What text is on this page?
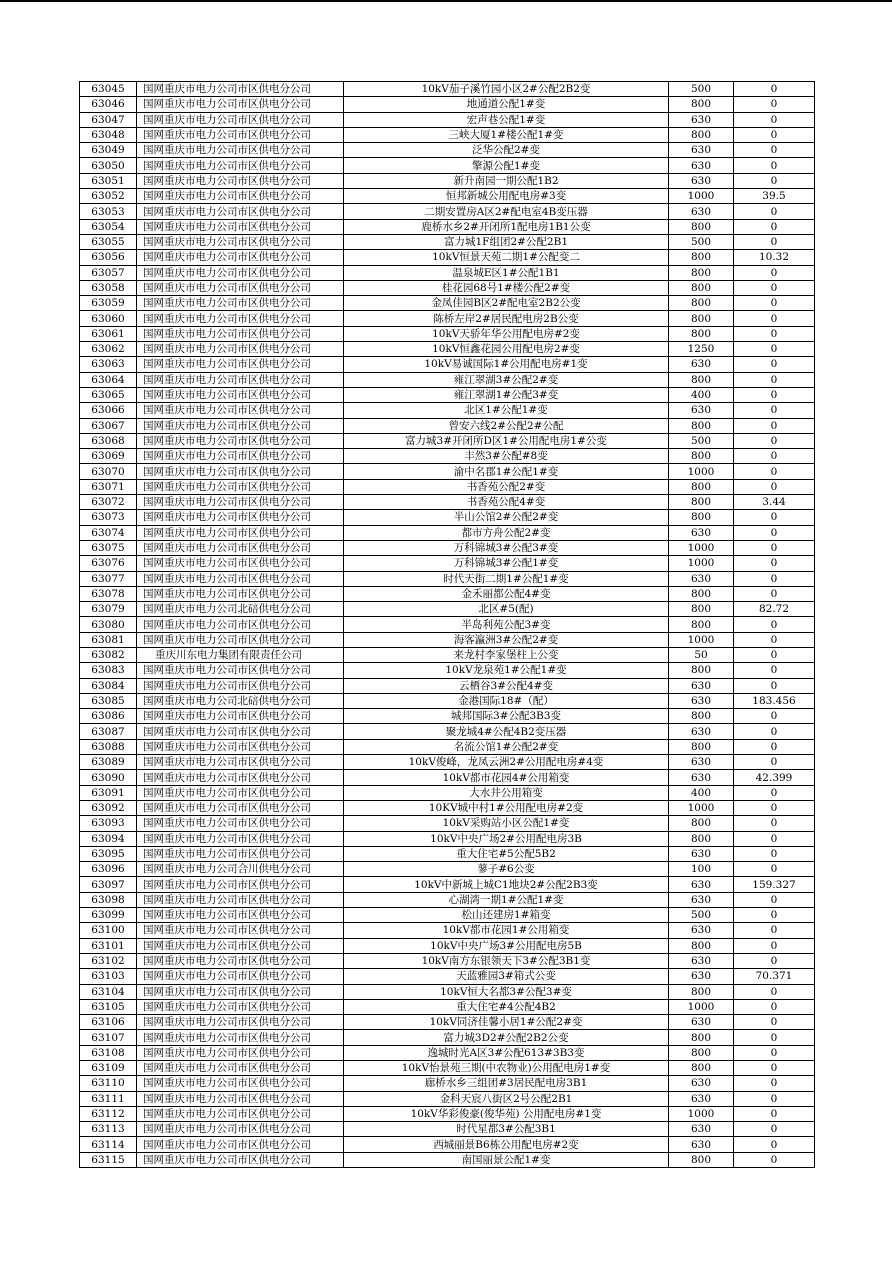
63045	国网重庆市电力公司市区供电分公司	10kV茄子溪竹园小区2#公配2B2变	500	0
63046	国网重庆市电力公司市区供电分公司	地通道公配1#变	800	0
63047	国网重庆市电力公司市区供电分公司	宏声巷公配1#变	630	0
63048	国网重庆市电力公司市区供电分公司	三峡大厦1#楼公配1#变	800	0
63049	国网重庆市电力公司市区供电分公司	泛华公配2#变	630	0
63050	国网重庆市电力公司市区供电分公司	擎源公配1#变	630	0
63051	国网重庆市电力公司市区供电分公司	新升南园一期公配1B2	630	0
63052	国网重庆市电力公司市区供电分公司	恒邦新城公用配电房#3变	1000	39.5
63053	国网重庆市电力公司市区供电分公司	二期安置房A区2#配电室4B变压器	630	0
63054	国网重庆市电力公司市区供电分公司	鹿桥水乡2#开闭所1配电房1B1公变	800	0
63055	国网重庆市电力公司市区供电分公司	富力城1F组团2#公配2B1	500	0
63056	国网重庆市电力公司市区供电分公司	10kV恒景天苑二期1#公配变二	800	10.32
63057	国网重庆市电力公司市区供电分公司	温泉城E区1#公配1B1	800	0
63058	国网重庆市电力公司市区供电分公司	桂花园68号1#楼公配2#变	800	0
63059	国网重庆市电力公司市区供电分公司	金凤佳园B区2#配电室2B2公变	800	0
63060	国网重庆市电力公司市区供电分公司	陈桥左岸2#居民配电房2B公变	800	0
63061	国网重庆市电力公司市区供电分公司	10kV天骄年华公用配电房#2变	800	0
63062	国网重庆市电力公司市区供电分公司	10kV恒鑫花园公用配电房2#变	1250	0
63063	国网重庆市电力公司市区供电分公司	10kV易诚国际1#公用配电房#1变	630	0
63064	国网重庆市电力公司市区供电分公司	雍江翠湖3#公配2#变	800	0
63065	国网重庆市电力公司市区供电分公司	雍江翠湖1#公配3#变	400	0
63066	国网重庆市电力公司市区供电分公司	北区1#公配1#变	630	0
63067	国网重庆市电力公司市区供电分公司	曾安六线2#公配2#公配	800	0
63068	国网重庆市电力公司市区供电分公司	富力城3#开闭所D区1#公用配电房1#公变	500	0
63069	国网重庆市电力公司市区供电分公司	丰然3#公配#8变	800	0
63070	国网重庆市电力公司市区供电分公司	渝中名郡1#公配1#变	1000	0
63071	国网重庆市电力公司市区供电分公司	书香苑公配2#变	800	0
63072	国网重庆市电力公司市区供电分公司	书香苑公配4#变	800	3.44
63073	国网重庆市电力公司市区供电分公司	半山公馆2#公配2#变	800	0
63074	国网重庆市电力公司市区供电分公司	都市方舟公配2#变	630	0
63075	国网重庆市电力公司市区供电分公司	万科锦城3#公配3#变	1000	0
63076	国网重庆市电力公司市区供电分公司	万科锦城3#公配1#变	1000	0
63077	国网重庆市电力公司市区供电分公司	时代天街二期1#公配1#变	630	0
63078	国网重庆市电力公司市区供电分公司	金禾丽都公配4#变	800	0
63079	国网重庆市电力公司北碚供电分公司	北区#5(配)	800	82.72
63080	国网重庆市电力公司市区供电分公司	半岛利苑公配3#变	800	0
63081	国网重庆市电力公司市区供电分公司	海客瀛洲3#公配2#变	1000	0
63082	重庆川东电力集团有限责任公司	来龙村李家堡柱上公变	50	0
63083	国网重庆市电力公司市区供电分公司	10kV龙泉苑1#公配1#变	800	0
63084	国网重庆市电力公司市区供电分公司	云栖谷3#公配4#变	630	0
63085	国网重庆市电力公司北碚供电分公司	金港国际18#（配）	630	183.456
63086	国网重庆市电力公司市区供电分公司	城邦国际3#公配3B3变	800	0
63087	国网重庆市电力公司市区供电分公司	聚龙城4#公配4B2变压器	630	0
63088	国网重庆市电力公司市区供电分公司	名流公馆1#公配2#变	800	0
63089	国网重庆市电力公司市区供电分公司	10kV俊峰，龙凤云洲2#公用配电房#4变	630	0
63090	国网重庆市电力公司市区供电分公司	10kV都市花园4#公用箱变	630	42.399
63091	国网重庆市电力公司市区供电分公司	大水井公用箱变	400	0
63092	国网重庆市电力公司市区供电分公司	10KV城中村1#公用配电房#2变	1000	0
63093	国网重庆市电力公司市区供电分公司	10kV采购站小区公配1#变	800	0
63094	国网重庆市电力公司市区供电分公司	10kV中央广场2#公用配电房3B	800	0
63095	国网重庆市电力公司市区供电分公司	重大住宅#5公配5B2	630	0
63096	国网重庆市电力公司合川供电分公司	蓼子#6公变	100	0
63097	国网重庆市电力公司市区供电分公司	10kV中新城上城C1地块2#公配2B3变	630	159.327
63098	国网重庆市电力公司市区供电分公司	心湖湾一期1#公配1#变	630	0
63099	国网重庆市电力公司市区供电分公司	松山还建房1#箱变	500	0
63100	国网重庆市电力公司市区供电分公司	10kV都市花园1#公用箱变	630	0
63101	国网重庆市电力公司市区供电分公司	10kV中央广场3#公用配电房5B	800	0
63102	国网重庆市电力公司市区供电分公司	10kV南方东银领天下3#公配3B1变	630	0
63103	国网重庆市电力公司市区供电分公司	天蓝雅园3#箱式公变	630	70.371
63104	国网重庆市电力公司市区供电分公司	10kV恒大名都3#公配3#变	800	0
63105	国网重庆市电力公司市区供电分公司	重大住宅#4公配4B2	1000	0
63106	国网重庆市电力公司市区供电分公司	10kV同济佳馨小居1#公配2#变	630	0
63107	国网重庆市电力公司市区供电分公司	富力城3D2#公配2B2公变	800	0
63108	国网重庆市电力公司市区供电分公司	逸城时光A区3#公配613#3B3变	800	0
63109	国网重庆市电力公司市区供电分公司	10kV怡景苑三期(中农物业)公用配电房1#变	800	0
63110	国网重庆市电力公司市区供电分公司	廊桥水乡三组团#3居民配电房3B1	630	0
63111	国网重庆市电力公司市区供电分公司	金科天宸八街区2号公配2B1	630	0
63112	国网重庆市电力公司市区供电分公司	10kV华彩俊豪(俊华苑) 公用配电房#1变	1000	0
63113	国网重庆市电力公司市区供电分公司	时代星都3#公配3B1	630	0
63114	国网重庆市电力公司市区供电分公司	西城丽景B6栋公用配电房#2变	630	0
63115	国网重庆市电力公司市区供电分公司	南国丽景公配1#变	800	0
